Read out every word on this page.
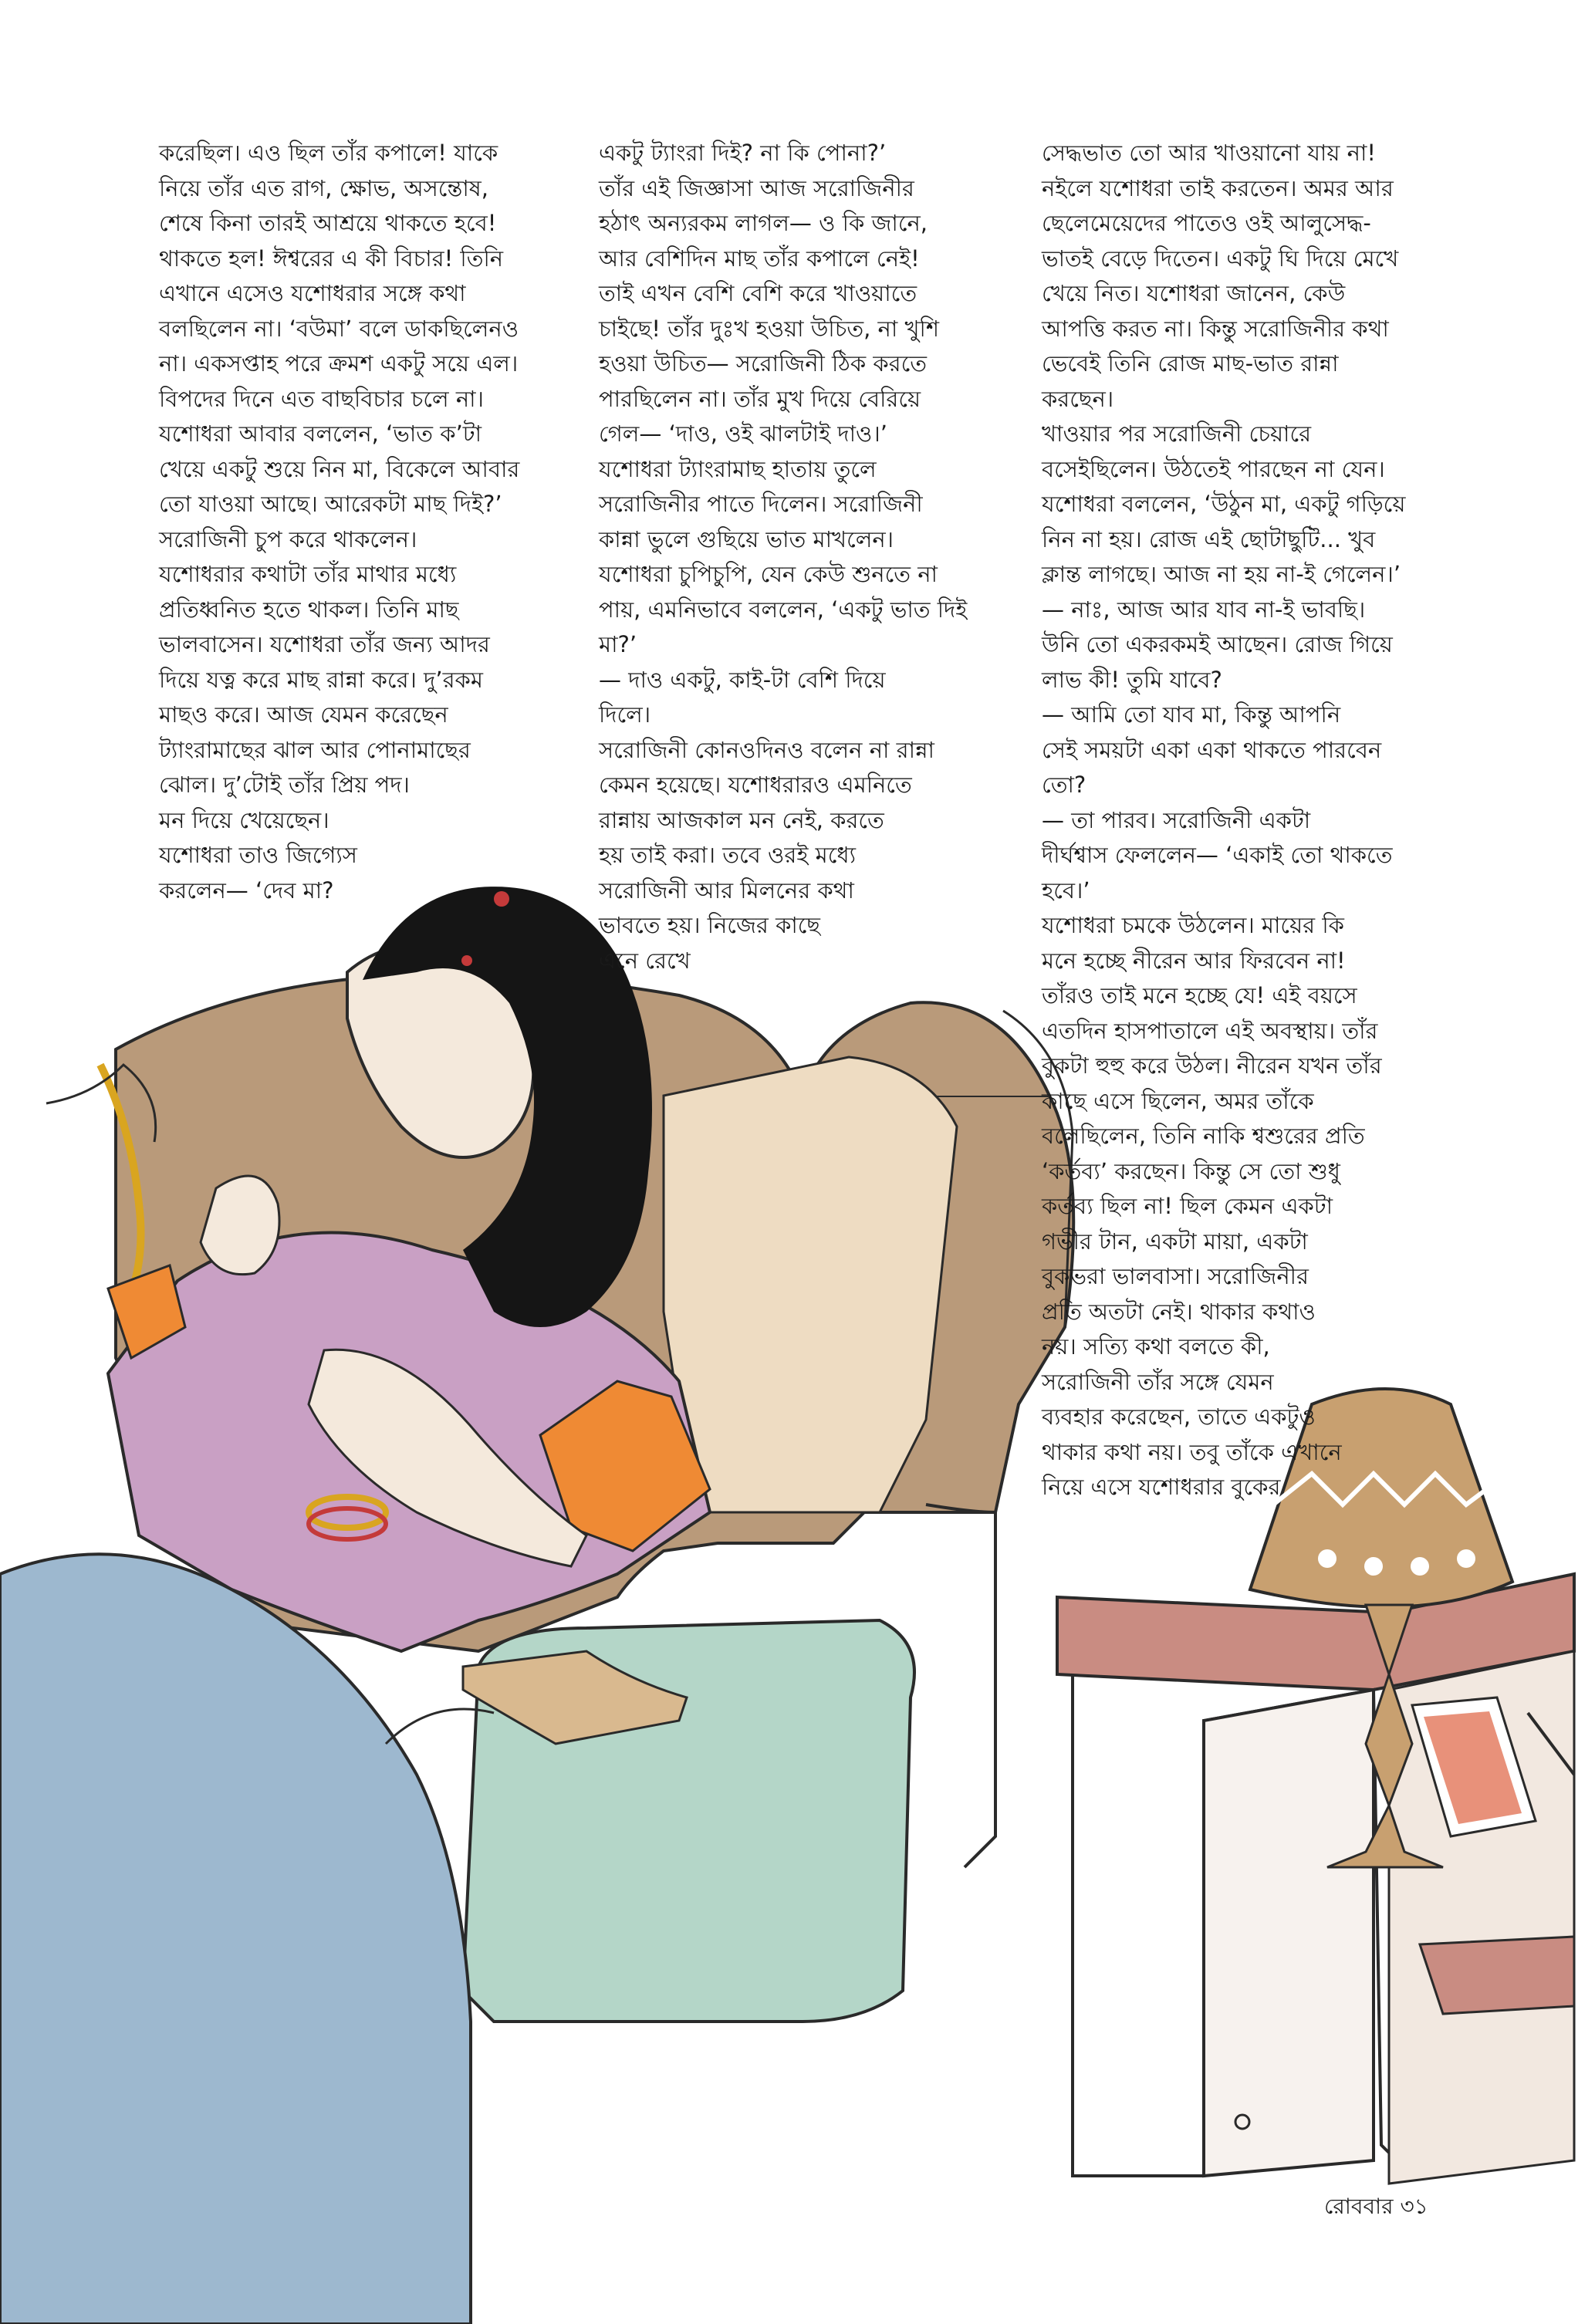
করেছিল। এও ছিল তাঁর কপালে! যাকে
নিয়ে তাঁর এত রাগ, ক্ষোভ, অসন্তোষ,
শেষে কিনা তারই আশ্রয়ে থাকতে হবে!
থাকতে হল! ঈশ্বরের এ কী বিচার! তিনি
এখানে এসেও যশোধরার সঙ্গে কথা
বলছিলেন না। ‘বউমা’ বলে ডাকছিলেনও
না। একসপ্তাহ পরে ক্রমশ একটু সয়ে এল।
বিপদের দিনে এত বাছবিচার চলে না।
যশোধরা আবার বললেন, ‘ভাত ক’টা
খেয়ে একটু শুয়ে নিন মা, বিকেলে আবার
তো যাওয়া আছে। আরেকটা মাছ দিই?’
সরোজিনী চুপ করে থাকলেন।
যশোধরার কথাটা তাঁর মাথার মধ্যে
প্রতিধ্বনিত হতে থাকল। তিনি মাছ
ভালবাসেন। যশোধরা তাঁর জন্য আদর
দিয়ে যত্ন করে মাছ রান্না করে। দু’রকম
মাছও করে। আজ যেমন করেছেন
ট্যাংরামাছের ঝাল আর পোনামাছের
ঝোল। দু’টোই তাঁর প্রিয় পদ।
মন দিয়ে খেয়েছেন।
যশোধরা তাও জিগ্যেস
করলেন— ‘দেব মা?
একটু ট্যাংরা দিই? না কি পোনা?’
তাঁর এই জিজ্ঞাসা আজ সরোজিনীর
হঠাৎ অন্যরকম লাগল— ও কি জানে,
আর বেশিদিন মাছ তাঁর কপালে নেই!
তাই এখন বেশি বেশি করে খাওয়াতে
চাইছে! তাঁর দুঃখ হওয়া উচিত, না খুশি
হওয়া উচিত— সরোজিনী ঠিক করতে
পারছিলেন না। তাঁর মুখ দিয়ে বেরিয়ে
গেল— ‘দাও, ওই ঝালটাই দাও।’
যশোধরা ট্যাংরামাছ হাতায় তুলে
সরোজিনীর পাতে দিলেন। সরোজিনী
কান্না ভুলে গুছিয়ে ভাত মাখলেন।
যশোধরা চুপিচুপি, যেন কেউ শুনতে না
পায়, এমনিভাবে বললেন, ‘একটু ভাত দিই
মা?’
— দাও একটু, কাই-টা বেশি দিয়ে
দিলে।
সরোজিনী কোনওদিনও বলেন না রান্না
কেমন হয়েছে। যশোধরারও এমনিতে
রান্নায় আজকাল মন নেই, করতে
হয় তাই করা। তবে ওরই মধ্যে
সরোজিনী আর মিলনের কথা
ভাবতে হয়। নিজের কাছে
এনে রেখে
সেদ্ধভাত তো আর খাওয়ানো যায় না!
নইলে যশোধরা তাই করতেন। অমর আর
ছেলেমেয়েদের পাতেও ওই আলুসেদ্ধ-
ভাতই বেড়ে দিতেন। একটু ঘি দিয়ে মেখে
খেয়ে নিত। যশোধরা জানেন, কেউ
আপত্তি করত না। কিন্তু সরোজিনীর কথা
ভেবেই তিনি রোজ মাছ-ভাত রান্না
করছেন।
খাওয়ার পর সরোজিনী চেয়ারে
বসেইছিলেন। উঠতেই পারছেন না যেন।
যশোধরা বললেন, ‘উঠুন মা, একটু গড়িয়ে
নিন না হয়। রোজ এই ছোটাছুটি... খুব
ক্লান্ত লাগছে। আজ না হয় না-ই গেলেন।’
— নাঃ, আজ আর যাব না-ই ভাবছি।
উনি তো একরকমই আছেন। রোজ গিয়ে
লাভ কী! তুমি যাবে?
— আমি তো যাব মা, কিন্তু আপনি
সেই সময়টা একা একা থাকতে পারবেন
তো?
— তা পারব। সরোজিনী একটা
দীর্ঘশ্বাস ফেললেন— ‘একাই তো থাকতে
হবে।’
যশোধরা চমকে উঠলেন। মায়ের কি
মনে হচ্ছে নীরেন আর ফিরবেন না!
তাঁরও তাই মনে হচ্ছে যে! এই বয়সে
এতদিন হাসপাতালে এই অবস্থায়। তাঁর
বুকটা হুহু করে উঠল। নীরেন যখন তাঁর
কাছে এসে ছিলেন, অমর তাঁকে
বলেছিলেন, তিনি নাকি শ্বশুরের প্রতি
‘কর্তব্য’ করছেন। কিন্তু সে তো শুধু
কর্তব্য ছিল না! ছিল কেমন একটা
গভীর টান, একটা মায়া, একটা
বুকভরা ভালবাসা। সরোজিনীর
প্রতি অতটা নেই। থাকার কথাও
নয়। সত্যি কথা বলতে কী,
সরোজিনী তাঁর সঙ্গে যেমন
ব্যবহার করেছেন, তাতে একটুও
থাকার কথা নয়। তবু তাঁকে এখানে
নিয়ে এসে যশোধরার বুকের
রোববার ৩১
